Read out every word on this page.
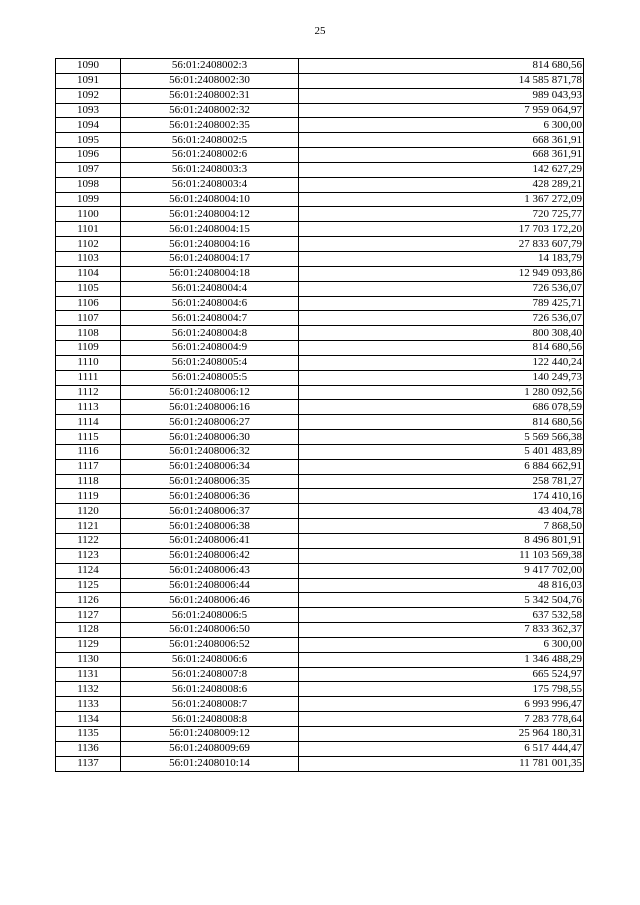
25
1090	56:01:2408002:3	814 680,56
1091	56:01:2408002:30	14 585 871,78
1092	56:01:2408002:31	989 043,93
1093	56:01:2408002:32	7 959 064,97
1094	56:01:2408002:35	6 300,00
1095	56:01:2408002:5	668 361,91
1096	56:01:2408002:6	668 361,91
1097	56:01:2408003:3	142 627,29
1098	56:01:2408003:4	428 289,21
1099	56:01:2408004:10	1 367 272,09
1100	56:01:2408004:12	720 725,77
1101	56:01:2408004:15	17 703 172,20
1102	56:01:2408004:16	27 833 607,79
1103	56:01:2408004:17	14 183,79
1104	56:01:2408004:18	12 949 093,86
1105	56:01:2408004:4	726 536,07
1106	56:01:2408004:6	789 425,71
1107	56:01:2408004:7	726 536,07
1108	56:01:2408004:8	800 308,40
1109	56:01:2408004:9	814 680,56
1110	56:01:2408005:4	122 440,24
1111	56:01:2408005:5	140 249,73
1112	56:01:2408006:12	1 280 092,56
1113	56:01:2408006:16	686 078,59
1114	56:01:2408006:27	814 680,56
1115	56:01:2408006:30	5 569 566,38
1116	56:01:2408006:32	5 401 483,89
1117	56:01:2408006:34	6 884 662,91
1118	56:01:2408006:35	258 781,27
1119	56:01:2408006:36	174 410,16
1120	56:01:2408006:37	43 404,78
1121	56:01:2408006:38	7 868,50
1122	56:01:2408006:41	8 496 801,91
1123	56:01:2408006:42	11 103 569,38
1124	56:01:2408006:43	9 417 702,00
1125	56:01:2408006:44	48 816,03
1126	56:01:2408006:46	5 342 504,76
1127	56:01:2408006:5	637 532,58
1128	56:01:2408006:50	7 833 362,37
1129	56:01:2408006:52	6 300,00
1130	56:01:2408006:6	1 346 488,29
1131	56:01:2408007:8	665 524,97
1132	56:01:2408008:6	175 798,55
1133	56:01:2408008:7	6 993 996,47
1134	56:01:2408008:8	7 283 778,64
1135	56:01:2408009:12	25 964 180,31
1136	56:01:2408009:69	6 517 444,47
1137	56:01:2408010:14	11 781 001,35
